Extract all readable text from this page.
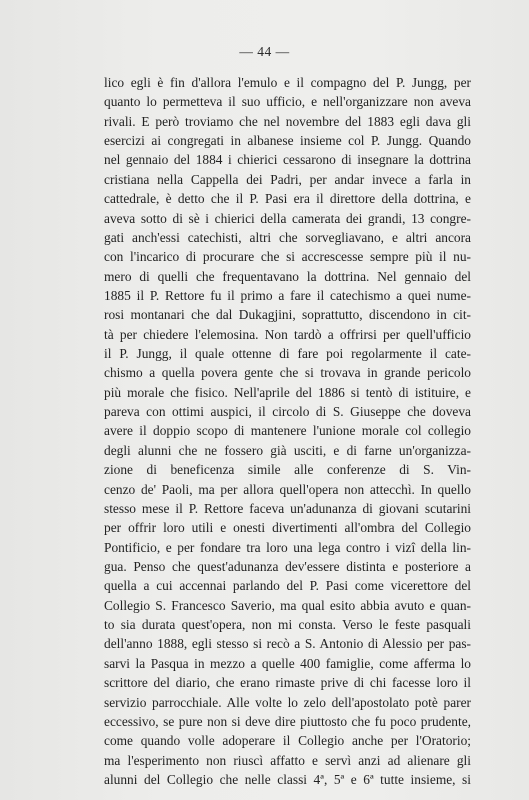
— 44 —
lico egli è fin d'allora l'emulo e il compagno del P. Jungg, per
quanto lo permetteva il suo ufficio, e nell'organizzare non aveva
rivali. E però troviamo che nel novembre del 1883 egli dava gli
esercizi ai congregati in albanese insieme col P. Jungg. Quando
nel gennaio del 1884 i chierici cessarono di insegnare la dottrina
cristiana nella Cappella dei Padri, per andar invece a farla in
cattedrale, è detto che il P. Pasi era il direttore della dottrina, e
aveva sotto di sè i chierici della camerata dei grandi, 13 congre-
gati anch'essi catechisti, altri che sorvegliavano, e altri ancora
con l'incarico di procurare che si accrescesse sempre più il nu-
mero di quelli che frequentavano la dottrina. Nel gennaio del
1885 il P. Rettore fu il primo a fare il catechismo a quei nume-
rosi montanari che dal Dukagjini, soprattutto, discendono in cit-
tà per chiedere l'elemosina. Non tardò a offrirsi per quell'ufficio
il P. Jungg, il quale ottenne di fare poi regolarmente il cate-
chismo a quella povera gente che si trovava in grande pericolo
più morale che fisico. Nell'aprile del 1886 si tentò di istituire, e
pareva con ottimi auspici, il circolo di S. Giuseppe che doveva
avere il doppio scopo di mantenere l'unione morale col collegio
degli alunni che ne fossero già usciti, e di farne un'organizza-
zione di beneficenza simile alle conferenze di S. Vin-
cenzo de' Paoli, ma per allora quell'opera non attecchì. In quello
stesso mese il P. Rettore faceva un'adunanza di giovani scutarini
per offrir loro utili e onesti divertimenti all'ombra del Collegio
Pontificio, e per fondare tra loro una lega contro i vizî della lin-
gua. Penso che quest'adunanza dev'essere distinta e posteriore a
quella a cui accennai parlando del P. Pasi come vicerettore del
Collegio S. Francesco Saverio, ma qual esito abbia avuto e quan-
to sia durata quest'opera, non mi consta. Verso le feste pasquali
dell'anno 1888, egli stesso si recò a S. Antonio di Alessio per pas-
sarvi la Pasqua in mezzo a quelle 400 famiglie, come afferma lo
scrittore del diario, che erano rimaste prive di chi facesse loro il
servizio parrocchiale. Alle volte lo zelo dell'apostolato potè parer
eccessivo, se pure non si deve dire piuttosto che fu poco prudente,
come quando volle adoperare il Collegio anche per l'Oratorio;
ma l'esperimento non riuscì affatto e servì anzi ad alienare gli
alunni del Collegio che nelle classi 4ª, 5ª e 6ª tutte insieme, si
